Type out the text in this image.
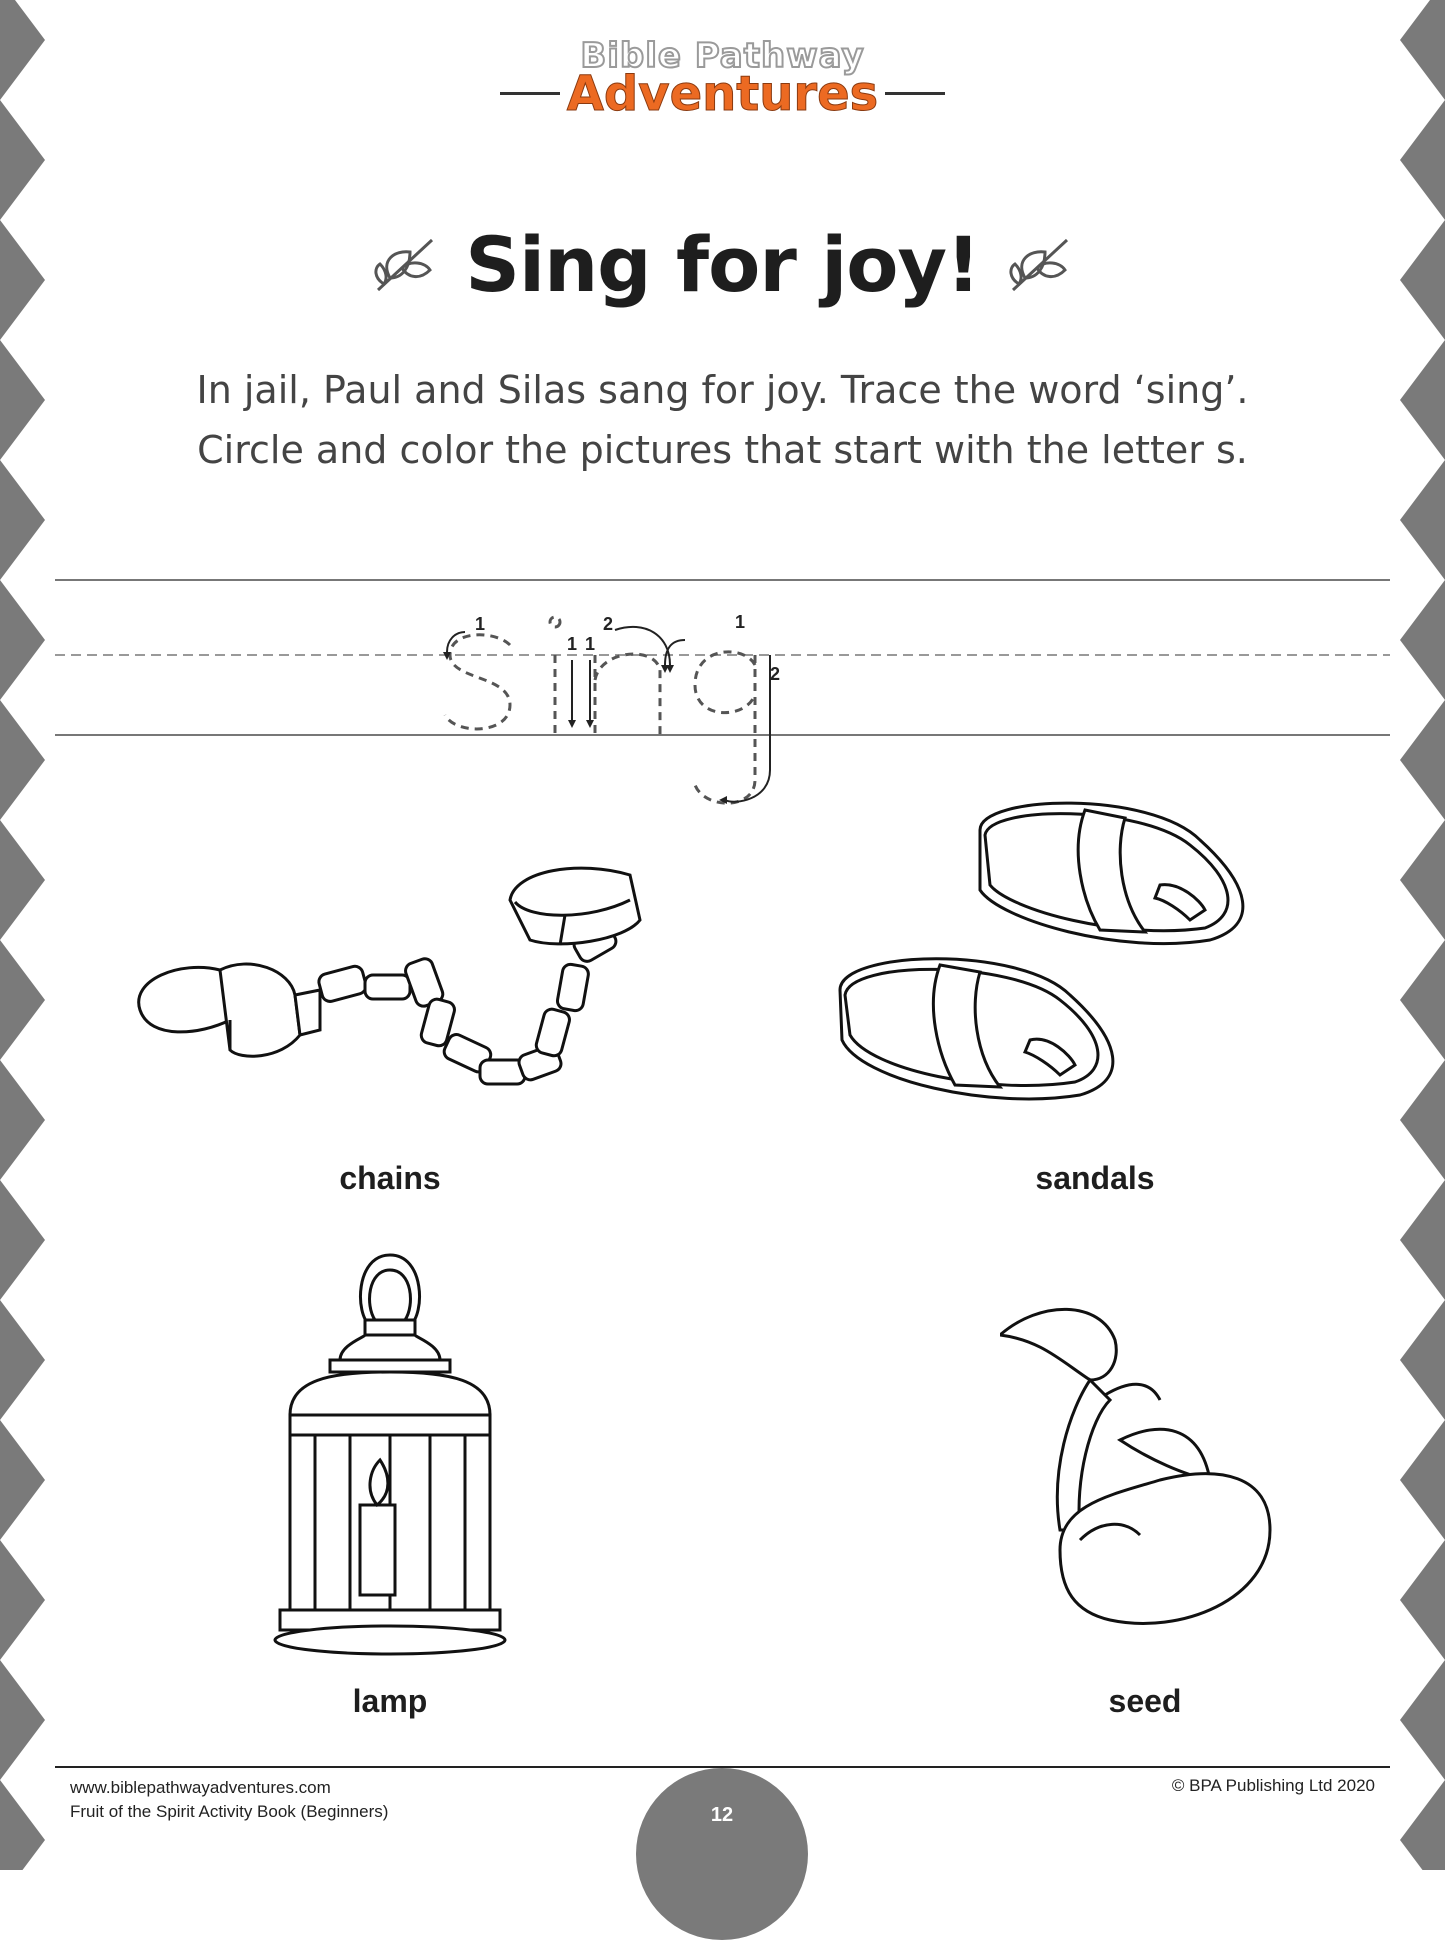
Bible Pathway
Adventures
Sing for joy!
In jail, Paul and Silas sang for joy. Trace the word ‘sing’.
Circle and color the pictures that start with the letter s.
1
1 1
2	1
2
sing
chains	sandals
lamp	seed
www.biblepathwayadventures.com
Fruit of the Spirit Activity Book (Beginners)
© BPA Publishing Ltd 2020
12
